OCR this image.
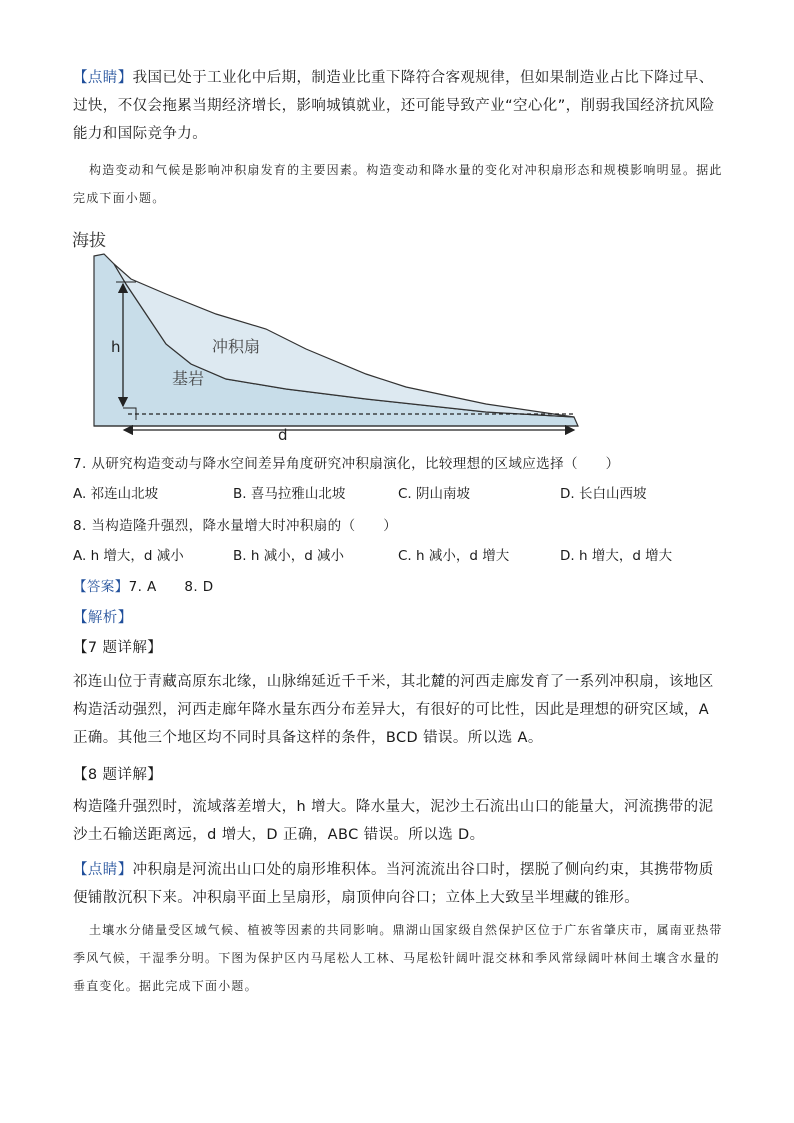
【点睛】我国已处于工业化中后期，制造业比重下降符合客观规律，但如果制造业占比下降过早、过快，不仅会拖累当期经济增长，影响城镇就业，还可能导致产业“空心化”，削弱我国经济抗风险能力和国际竞争力。
构造变动和气候是影响冲积扇发育的主要因素。构造变动和降水量的变化对冲积扇形态和规模影响明显。据此完成下面小题。
海拔
h
d
冲积扇
基岩
7. 从研究构造变动与降水空间差异角度研究冲积扇演化，比较理想的区域应选择（　　）
A. 祁连山北坡	B. 喜马拉雅山北坡	C. 阴山南坡	D. 长白山西坡
8. 当构造隆升强烈，降水量增大时冲积扇的（　　）
A. h 增大，d 减小	B. h 减小，d 减小	C. h 减小，d 增大	D. h 增大，d 增大
【答案】7. A　　8. D
【解析】
【7 题详解】
祁连山位于青藏高原东北缘，山脉绵延近千千米，其北麓的河西走廊发育了一系列冲积扇，该地区构造活动强烈，河西走廊年降水量东西分布差异大，有很好的可比性，因此是理想的研究区域，A 正确。其他三个地区均不同时具备这样的条件，BCD 错误。所以选 A。
【8 题详解】
构造隆升强烈时，流域落差增大，h 增大。降水量大，泥沙土石流出山口的能量大，河流携带的泥沙土石输送距离远，d 增大，D 正确，ABC 错误。所以选 D。
【点睛】冲积扇是河流出山口处的扇形堆积体。当河流流出谷口时，摆脱了侧向约束，其携带物质便铺散沉积下来。冲积扇平面上呈扇形，扇顶伸向谷口；立体上大致呈半埋藏的锥形。
土壤水分储量受区域气候、植被等因素的共同影响。鼎湖山国家级自然保护区位于广东省肇庆市，属南亚热带季风气候，干湿季分明。下图为保护区内马尾松人工林、马尾松针阔叶混交林和季风常绿阔叶林间土壤含水量的垂直变化。据此完成下面小题。
